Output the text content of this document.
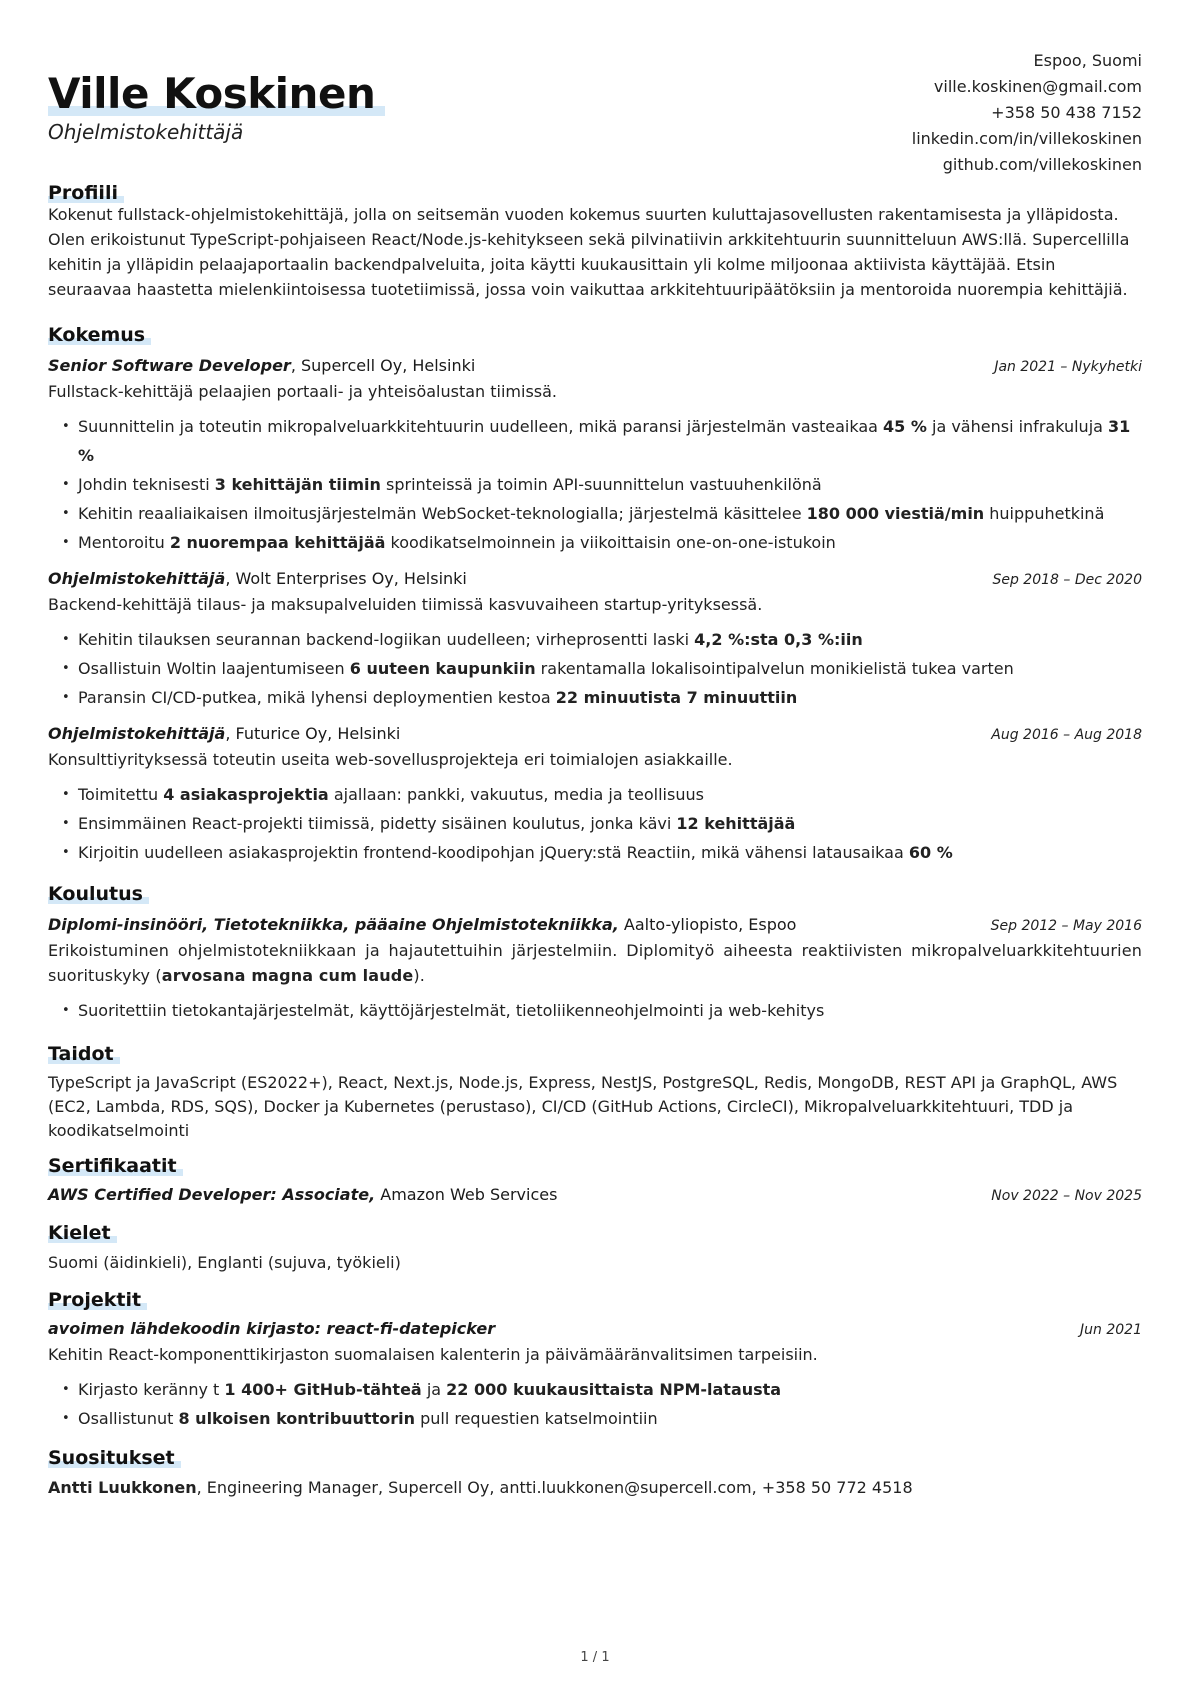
Ville Koskinen
Ohjelmistokehittäjä
Espoo, Suomi
ville.koskinen@gmail.com
+358 50 438 7152
linkedin.com/in/villekoskinen
github.com/villekoskinen
Profiili
Kokenut fullstack-ohjelmistokehittäjä, jolla on seitsemän vuoden kokemus suurten kuluttajasovellusten rakentamisesta ja ylläpidosta. Olen erikoistunut TypeScript-pohjaiseen React/Node.js-kehitykseen sekä pilvinatiivin arkkitehtuurin suunnitteluun AWS:llä. Supercellilla kehitin ja ylläpidin pelaajaportaalin backendpalveluita, joita käytti kuukausittain yli kolme miljoonaa aktiivista käyttäjää. Etsin seuraavaa haastetta mielenkiintoisessa tuotetiimissä, jossa voin vaikuttaa arkkitehtuuripäätöksiin ja mentoroida nuorempia kehittäjiä.
Kokemus
Senior Software Developer, Supercell Oy, Helsinki	Jan 2021 – Nykyhetki
Fullstack-kehittäjä pelaajien portaali- ja yhteisöalustan tiimissä.
• Suunnittelin ja toteutin mikropalveluarkkitehtuurin uudelleen, mikä paransi järjestelmän vasteaikaa 45 % ja vähensi infrakuluja 31 %
• Johdin teknisesti 3 kehittäjän tiimin sprinteissä ja toimin API-suunnittelun vastuuhenkilönä
• Kehitin reaaliaikaisen ilmoitusjärjestelmän WebSocket-teknologialla; järjestelmä käsittelee 180 000 viestiä/min huippuhetkinä
• Mentoroitu 2 nuorempaa kehittäjää koodikatselmoinnein ja viikoittaisin one-on-one-istukoin
Ohjelmistokehittäjä, Wolt Enterprises Oy, Helsinki	Sep 2018 – Dec 2020
Backend-kehittäjä tilaus- ja maksupalveluiden tiimissä kasvuvaiheen startup-yrityksessä.
• Kehitin tilauksen seurannan backend-logiikan uudelleen; virheprosentti laski 4,2 %:sta 0,3 %:iin
• Osallistuin Woltin laajentumiseen 6 uuteen kaupunkiin rakentamalla lokalisointipalvelun monikielistä tukea varten
• Paransin CI/CD-putkea, mikä lyhensi deploymentien kestoa 22 minuutista 7 minuuttiin
Ohjelmistokehittäjä, Futurice Oy, Helsinki	Aug 2016 – Aug 2018
Konsulttiyrityksessä toteutin useita web-sovellusprojekteja eri toimialojen asiakkaille.
• Toimitettu 4 asiakasprojektia ajallaan: pankki, vakuutus, media ja teollisuus
• Ensimmäinen React-projekti tiimissä, pidetty sisäinen koulutus, jonka kävi 12 kehittäjää
• Kirjoitin uudelleen asiakasprojektin frontend-koodipohjan jQuery:stä Reactiin, mikä vähensi latausaikaa 60 %
Koulutus
Diplomi-insinööri, Tietotekniikka, pääaine Ohjelmistotekniikka, Aalto-yliopisto, Espoo	Sep 2012 – May 2016
Erikoistuminen ohjelmistotekniikkaan ja hajautettuihin järjestelmiin. Diplomityö aiheesta reaktiivisten mikropalveluarkkitehtuurien suorituskyky (arvosana magna cum laude).
• Suoritettiin tietokantajärjestelmät, käyttöjärjestelmät, tietoliikenneohjelmointi ja web-kehitys
Taidot
TypeScript ja JavaScript (ES2022+), React, Next.js, Node.js, Express, NestJS, PostgreSQL, Redis, MongoDB, REST API ja GraphQL, AWS (EC2, Lambda, RDS, SQS), Docker ja Kubernetes (perustaso), CI/CD (GitHub Actions, CircleCI), Mikropalveluarkkitehtuuri, TDD ja koodikatselmointi
Sertifikaatit
AWS Certified Developer: Associate, Amazon Web Services	Nov 2022 – Nov 2025
Kielet
Suomi (äidinkieli), Englanti (sujuva, työkieli)
Projektit
avoimen lähdekoodin kirjasto: react-fi-datepicker	Jun 2021
Kehitin React-komponenttikirjaston suomalaisen kalenterin ja päivämääränvalitsimen tarpeisiin.
• Kirjasto keränny t 1 400+ GitHub-tähteä ja 22 000 kuukausittaista NPM-latausta
• Osallistunut 8 ulkoisen kontribuuttorin pull requestien katselmointiin
Suositukset
Antti Luukkonen, Engineering Manager, Supercell Oy, antti.luukkonen@supercell.com, +358 50 772 4518
1 / 1
